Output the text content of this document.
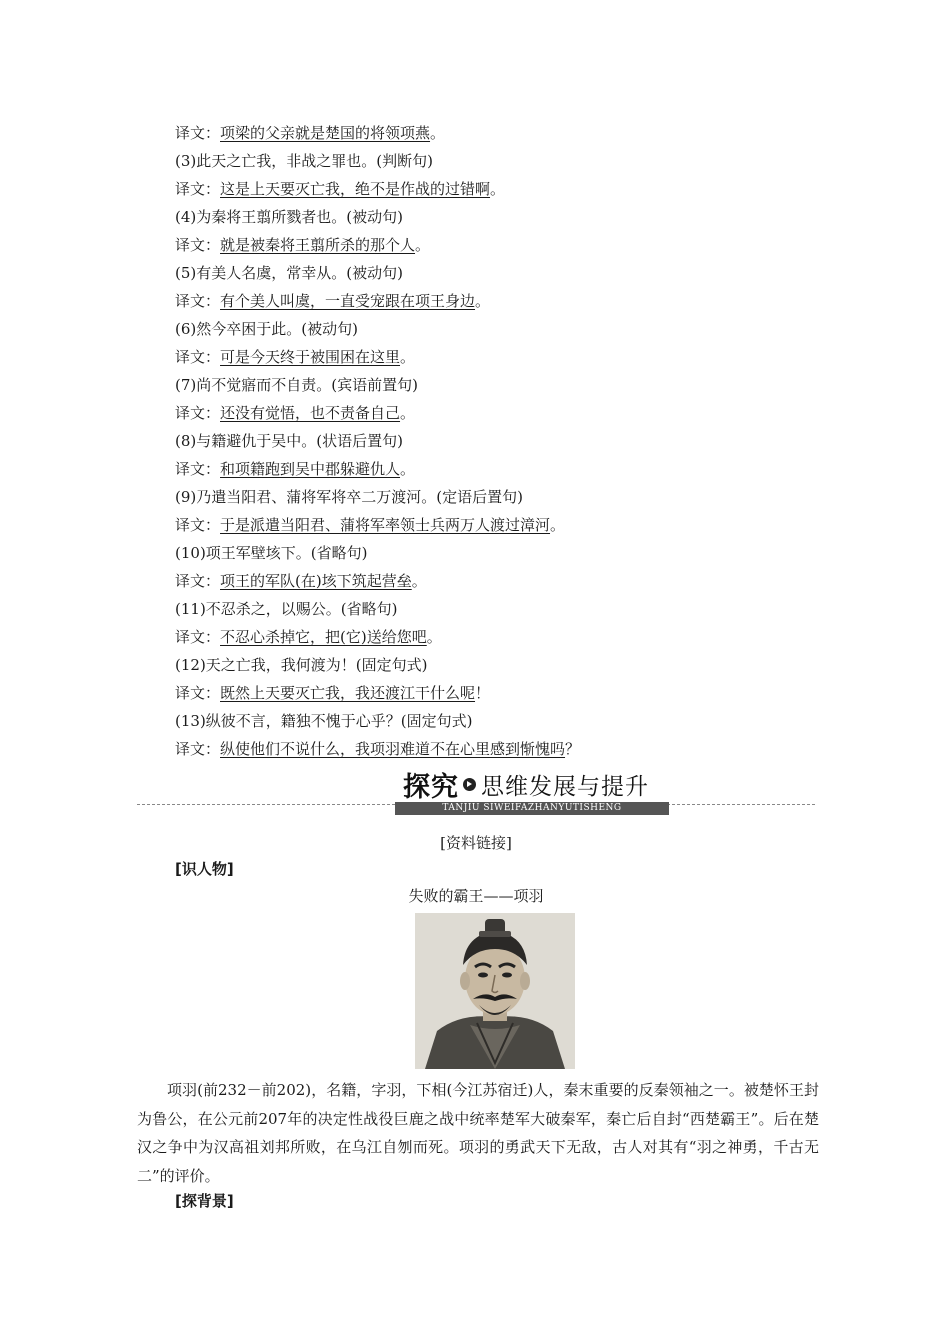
译文：项梁的父亲就是楚国的将领项燕。
(3)此天之亡我，非战之罪也。(判断句)
译文：这是上天要灭亡我，绝不是作战的过错啊。
(4)为秦将王翦所戮者也。(被动句)
译文：就是被秦将王翦所杀的那个人。
(5)有美人名虞，常幸从。(被动句)
译文：有个美人叫虞，一直受宠跟在项王身边。
(6)然今卒困于此。(被动句)
译文：可是今天终于被围困在这里。
(7)尚不觉寤而不自责。(宾语前置句)
译文：还没有觉悟，也不责备自己。
(8)与籍避仇于吴中。(状语后置句)
译文：和项籍跑到吴中郡躲避仇人。
(9)乃遣当阳君、蒲将军将卒二万渡河。(定语后置句)
译文：于是派遣当阳君、蒲将军率领士兵两万人渡过漳河。
(10)项王军壁垓下。(省略句)
译文：项王的军队(在)垓下筑起营垒。
(11)不忍杀之，以赐公。(省略句)
译文：不忍心杀掉它，把(它)送给您吧。
(12)天之亡我，我何渡为！(固定句式)
译文：既然上天要灭亡我，我还渡江干什么呢！
(13)纵彼不言，籍独不愧于心乎？(固定句式)
译文：纵使他们不说什么，我项羽难道不在心里感到惭愧吗？
探究 思维发展与提升
TANJIU SIWEIFAZHANYUTISHENG
[资料链接]
[识人物]
失败的霸王——项羽
项羽(前232－前202)，名籍，字羽，下相(今江苏宿迁)人，秦末重要的反秦领袖之一。被楚怀王封为鲁公，在公元前207年的决定性战役巨鹿之战中统率楚军大破秦军，秦亡后自封“西楚霸王”。后在楚汉之争中为汉高祖刘邦所败，在乌江自刎而死。项羽的勇武天下无敌，古人对其有“羽之神勇，千古无二”的评价。
[探背景]
